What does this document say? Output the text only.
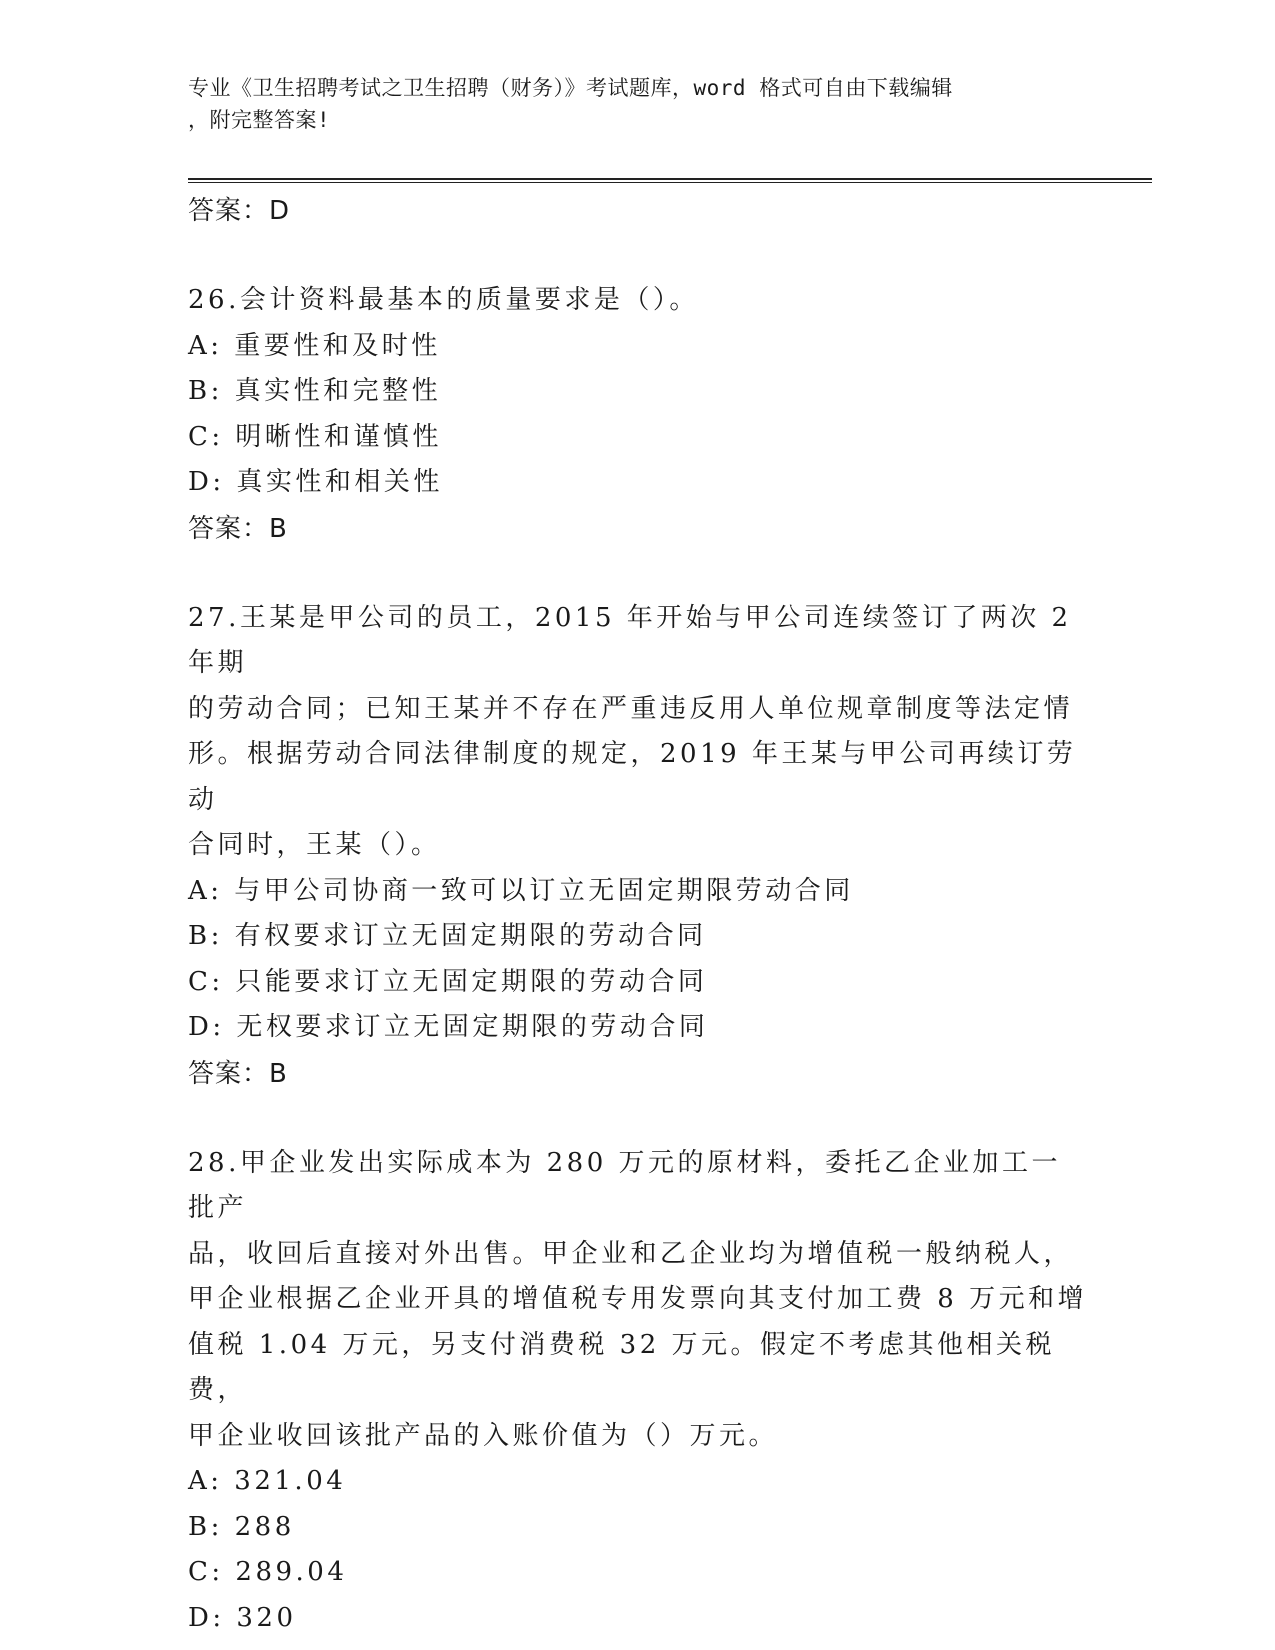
专业《卫生招聘考试之卫生招聘（财务）》考试题库，word 格式可自由下载编辑
，附完整答案!
答案：D
26.会计资料最基本的质量要求是（）。
A: 重要性和及时性
B: 真实性和完整性
C: 明晰性和谨慎性
D: 真实性和相关性
答案：B
27.王某是甲公司的员工，2015 年开始与甲公司连续签订了两次 2 年期
的劳动合同；已知王某并不存在严重违反用人单位规章制度等法定情
形。根据劳动合同法律制度的规定，2019 年王某与甲公司再续订劳动
合同时，王某（）。
A: 与甲公司协商一致可以订立无固定期限劳动合同
B: 有权要求订立无固定期限的劳动合同
C: 只能要求订立无固定期限的劳动合同
D: 无权要求订立无固定期限的劳动合同
答案：B
28.甲企业发出实际成本为 280 万元的原材料，委托乙企业加工一批产
品，收回后直接对外出售。甲企业和乙企业均为增值税一般纳税人，
甲企业根据乙企业开具的增值税专用发票向其支付加工费 8 万元和增
值税 1.04 万元，另支付消费税 32 万元。假定不考虑其他相关税费，
甲企业收回该批产品的入账价值为（）万元。
A: 321.04
B: 288
C: 289.04
D: 320
